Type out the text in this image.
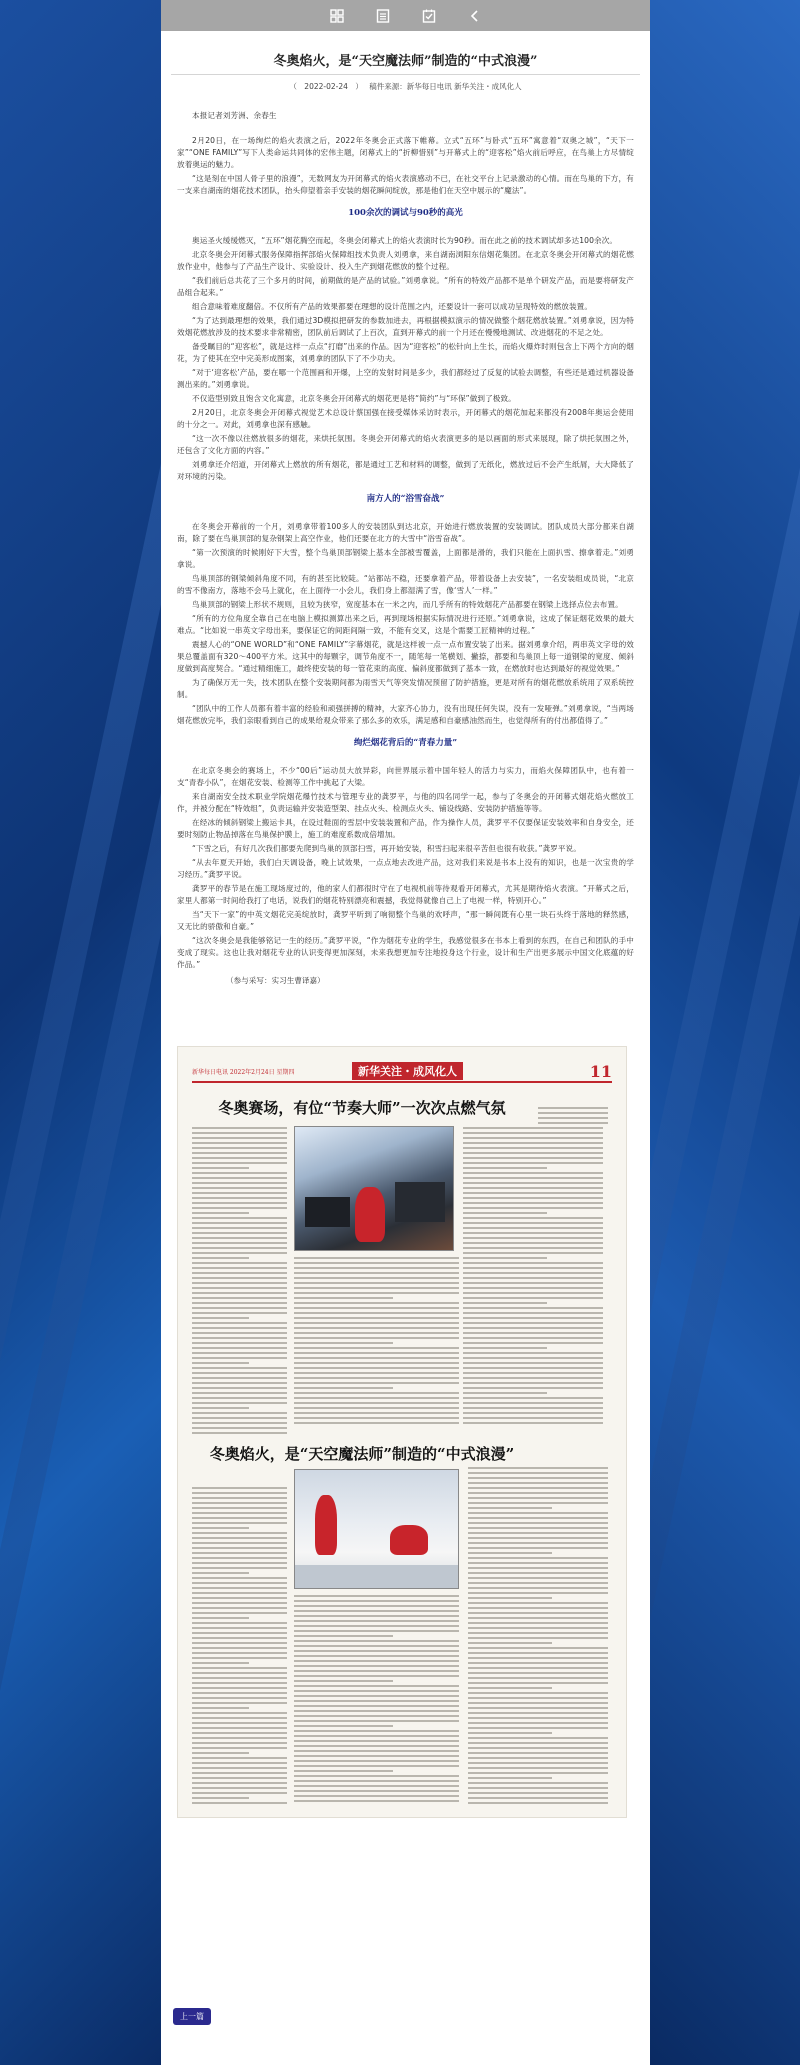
冬奥焰火，是“天空魔法师”制造的“中式浪漫”
（　2022-02-24　） 稿件来源：新华每日电讯 新华关注・成风化人
本报记者刘芳洲、余春生
2月20日，在一场绚烂的焰火表演之后，2022年冬奥会正式落下帷幕。立式“五环”与卧式“五环”寓意着“双奥之城”，“天下一家”“ONE FAMILY”写下人类命运共同体的宏伟主题，闭幕式上的“折柳惜别”与开幕式上的“迎客松”焰火前后呼应，在鸟巢上方尽情绽放着奥运的魅力。
“这是刻在中国人骨子里的浪漫”，无数网友为开闭幕式的焰火表演感动不已，在社交平台上记录激动的心情。而在鸟巢的下方，有一支来自湖南的烟花技术团队，抬头仰望着亲手安装的烟花瞬间绽放，那是他们在天空中展示的“魔法”。
100余次的调试与90秒的高光
奥运圣火缓缓燃灭，“五环”烟花腾空而起，冬奥会闭幕式上的焰火表演时长为90秒。而在此之前的技术调试却多达100余次。
北京冬奥会开闭幕式服务保障指挥部焰火保障组技术负责人刘勇拿，来自湖南浏阳东信烟花集团。在北京冬奥会开闭幕式的烟花燃放作业中，他参与了产品生产设计、实验设计、投入生产到烟花燃放的整个过程。
“我们前后总共花了三个多月的时间，前期做的是产品的试验。”刘勇拿说。“所有的特效产品都不是单个研发产品，而是要将研发产品组合起来。”
组合意味着难度翻倍。不仅所有产品的效果都要在理想的设计范围之内，还要设计一套可以成功呈现特效的燃放装置。
“为了达到最理想的效果，我们通过3D模拟把研发的参数加进去，再根据模拟演示的情况做整个烟花燃放装置。”刘勇拿说，因为特效烟花燃放涉及的技术要求非常精密，团队前后调试了上百次，直到开幕式的前一个月还在慢慢地测试、改进烟花的不足之处。
备受瞩目的“迎客松”，就是这样一点点“打磨”出来的作品。因为“迎客松”的松针向上生长，而焰火爆炸时则包含上下两个方向的烟花，为了使其在空中完美形成图案，刘勇拿的团队下了不少功夫。
“对于‘迎客松’产品，要在哪一个范围画和开爆，上空的发射时间是多少，我们都经过了反复的试验去调整，有些还是通过机器设备测出来的。”刘勇拿说。
不仅造型别致且饱含文化寓意，北京冬奥会开闭幕式的烟花更是将“简约”与“环保”做到了极致。
2月20日，北京冬奥会开闭幕式视觉艺术总设计蔡国强在接受媒体采访时表示，开闭幕式的烟花加起来都没有2008年奥运会使用的十分之一。对此，刘勇拿也深有感触。
“这一次不像以往燃放很多的烟花，来烘托氛围。冬奥会开闭幕式的焰火表演更多的是以画面的形式来展现，除了烘托氛围之外，还包含了文化方面的内容。”
刘勇拿还介绍道，开闭幕式上燃放的所有烟花，都是通过工艺和材料的调整，做到了无纸化，燃放过后不会产生纸屑，大大降低了对环境的污染。
南方人的“浴雪奋战”
在冬奥会开幕前的一个月，刘勇拿带着100多人的安装团队到达北京，开始进行燃放装置的安装调试。团队成员大部分都来自湖南，除了要在鸟巢顶部的复杂钢架上高空作业，他们还要在北方的大雪中“浴雪奋战”。
“第一次预演的时候刚好下大雪，整个鸟巢顶部钢梁上基本全部被雪覆盖，上面都是滑的，我们只能在上面扒雪、擦拿着走。”刘勇拿说。
鸟巢顶部的钢梁倾斜角度不同，有的甚至比较陡。“站都站不稳，还要拿着产品，带着设备上去安装”，一名安装组成员说，“北京的雪不像南方，落地不会马上就化，在上面待一小会儿，我们身上都湿满了雪，像‘雪人’一样。”
鸟巢顶部的钢梁上形状不规则，且较为狭窄，宽度基本在一米之内，而几乎所有的特效烟花产品都要在钢梁上选择点位去布置。
“所有的方位角度全靠自己在电脑上模拟测算出来之后，再到现场根据实际情况进行还原。”刘勇拿说，这成了保证烟花效果的最大难点。“比如说一串英文字母出来，要保证它的间距间隔一致，不能有交叉，这是个需要工匠精神的过程。”
震撼人心的“ONE WORLD”和“ONE FAMILY”字幕烟花，就是这样被一点一点布置安装了出来。据刘勇拿介绍，两串英文字母的效果总覆盖面有320～400平方米。这其中的每颗字，调节角度不一，随笔每一笔横划、撇捺，都要和鸟巢顶上每一道钢梁的宽度、倾斜度做到高度契合。“通过精细施工，最终使安装的每一管花束的高度、偏斜度都做到了基本一致，在燃放时也达到最好的视觉效果。”
为了确保万无一失，技术团队在整个安装期间都为雨雪天气等突发情况预留了防护措施，更是对所有的烟花燃放系统用了双系统控制。
“团队中的工作人员都有着丰富的经验和顽强拼搏的精神，大家齐心协力，没有出现任何失误，没有一发哑弹。”刘勇拿说，“当两场烟花燃放完毕，我们亲眼看到自己的成果给观众带来了那么多的欢乐，满足感和自豪感油然而生，也觉得所有的付出都值得了。”
绚烂烟花背后的“青春力量”
在北京冬奥会的赛场上，不少“00后”运动员大放异彩，向世界展示着中国年轻人的活力与实力，而焰火保障团队中，也有着一支“青春小队”，在烟花安装、检测等工作中挑起了大梁。
来自湖南安全技术职业学院烟花爆竹技术与管理专业的龚罗平，与他的四名同学一起，参与了冬奥会的开闭幕式烟花焰火燃放工作，并被分配在“特效组”，负责运输并安装造型架、挂点火头、检测点火头、铺设线路、安装防护措施等等。
在经冰的倾斜钢梁上搬运卡具，在设过鞋面的雪层中安装装置和产品，作为操作人员，龚罗平不仅要保证安装效率和自身安全，还要时刻防止物品掉落在鸟巢保护膜上，施工的难度系数成倍增加。
“下雪之后，有好几次我们都要先爬到鸟巢的顶部扫雪，再开始安装，积雪扫起来很辛苦但也很有收获。”龚罗平说。
“从去年夏天开始，我们白天调设备，晚上试效果，一点点地去改进产品，这对我们来说是书本上没有的知识，也是一次宝贵的学习经历。”龚罗平说。
龚罗平的春节是在施工现场度过的，他的家人们都很时守在了电视机前等待观看开闭幕式，尤其是期待焰火表演。“开幕式之后，家里人都第一时间给我打了电话，说我们的烟花特别漂亮和震撼，我觉得就像自己上了电视一样，特别开心。”
当“天下一家”的中英文烟花完美绽放时，龚罗平听到了响彻整个鸟巢的欢呼声，“那一瞬间既有心里一块石头终于落地的释然感，又无比的骄傲和自豪。”
“这次冬奥会是我能够铭记一生的经历。”龚罗平说，“作为烟花专业的学生，我感觉很多在书本上看到的东西，在自己和团队的手中变成了现实。这也让我对烟花专业的认识变得更加深刻，未来我想更加专注地投身这个行业，设计和生产出更多展示中国文化底蕴的好作品。”
（参与采写：实习生曹译嘉）
新华每日电讯 2022年2月24日 星期四	新华关注・成风化人	11
冬奥赛场，有位“节奏大师”一次次点燃气氛
冬奥焰火，是“天空魔法师”制造的“中式浪漫”
上一篇
